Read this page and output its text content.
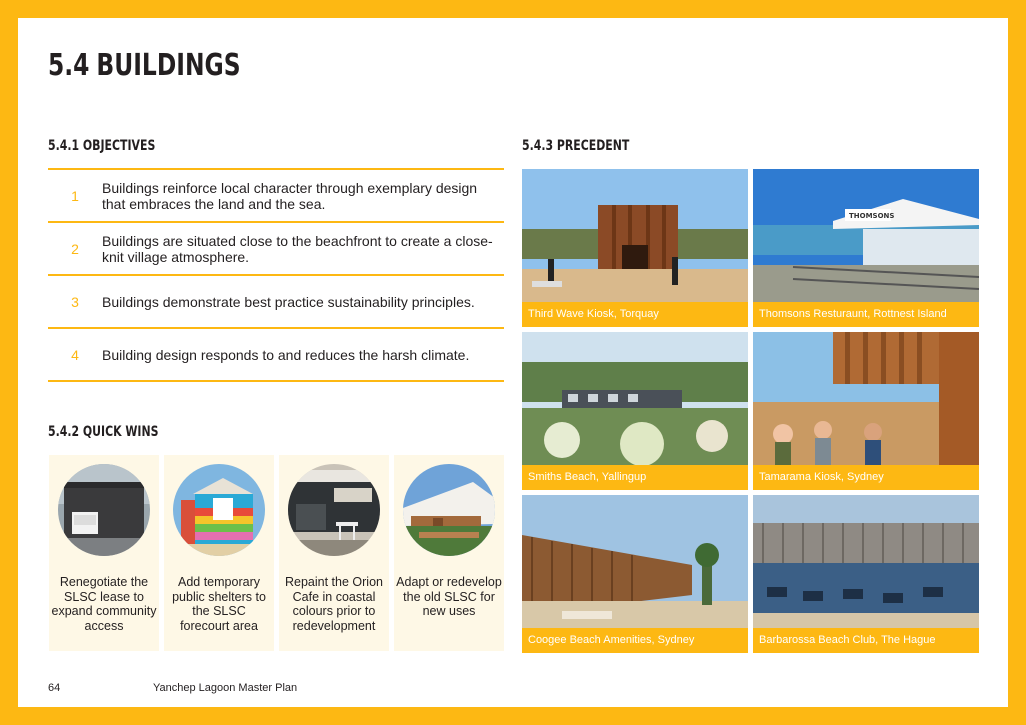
5.4 BUILDINGS
5.4.1 OBJECTIVES
1	Buildings reinforce local character through exemplary design that embraces the land and the sea.
2	Buildings are situated close to the beachfront to create a close-knit village atmosphere.
3	Buildings demonstrate best practice sustainability principles.
4	Building design responds to and reduces the harsh climate.
5.4.2 QUICK WINS
Renegotiate the SLSC lease to expand community access
Add temporary public shelters to the SLSC forecourt area
Repaint the Orion Cafe in coastal colours prior to redevelopment
Adapt or redevelop the old SLSC for new uses
5.4.3 PRECEDENT
Third Wave Kiosk, Torquay
THOMSONS
Thomsons Resturaunt, Rottnest Island
Smiths Beach, Yallingup	Tamarama Kiosk, Sydney
Coogee Beach Amenities, Sydney	Barbarossa Beach Club, The Hague
64	Yanchep Lagoon Master Plan
